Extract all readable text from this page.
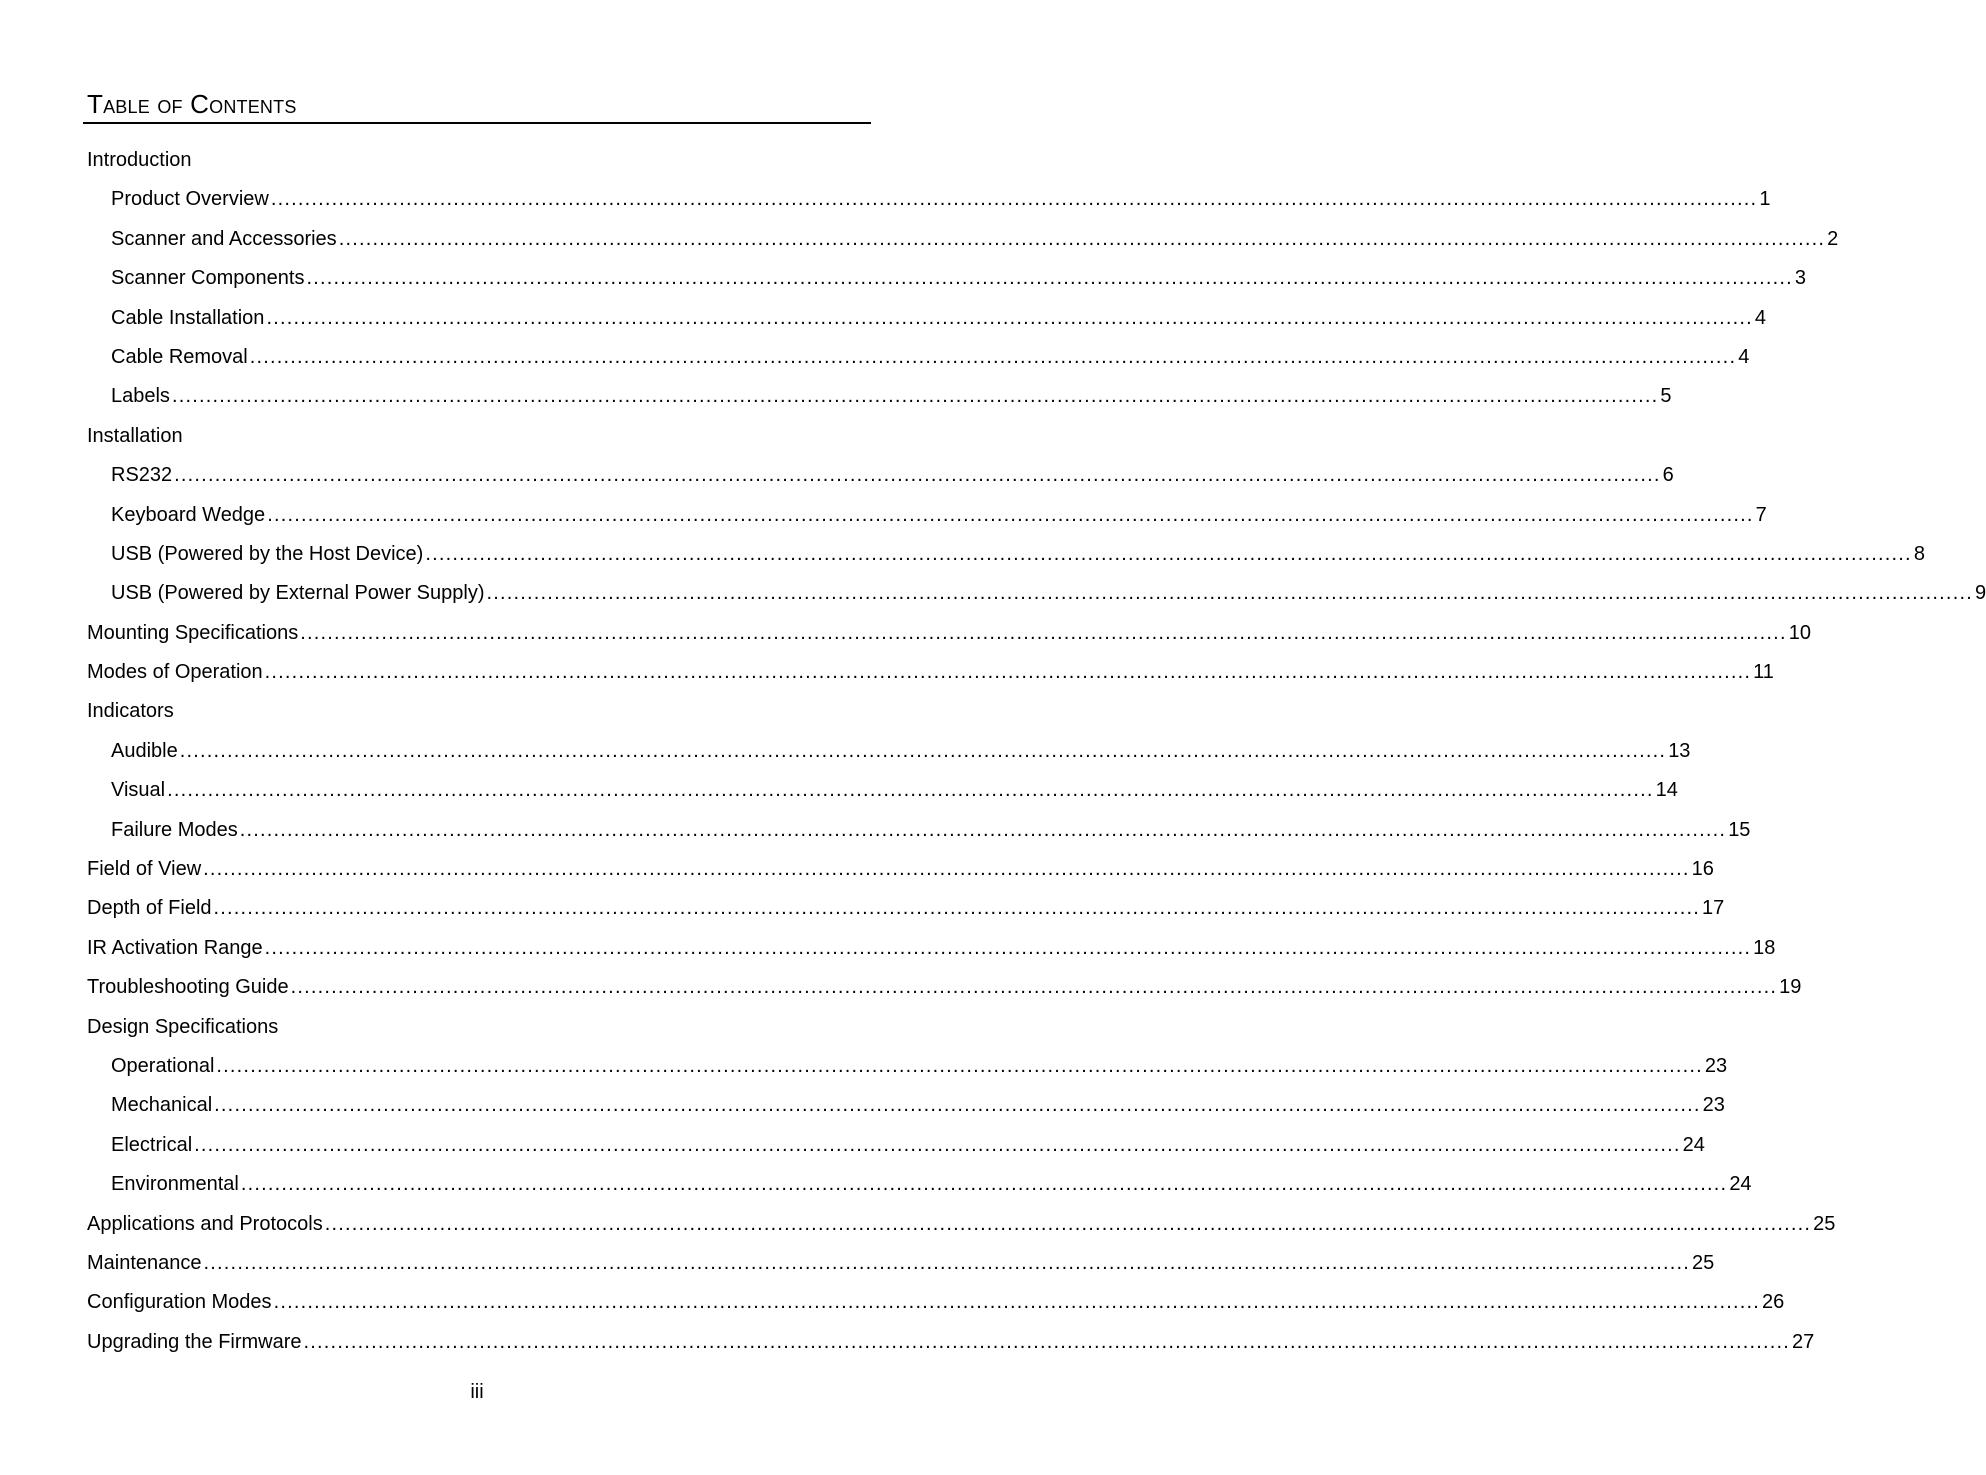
Table of Contents
Introduction
Product Overview ............................................................................................................................................................................................................................ 1
Scanner and Accessories ............................................................................................................................................................................................................................ 2
Scanner Components ............................................................................................................................................................................................................................ 3
Cable Installation ............................................................................................................................................................................................................................ 4
Cable Removal ............................................................................................................................................................................................................................ 4
Labels ............................................................................................................................................................................................................................ 5
Installation
RS232 ............................................................................................................................................................................................................................ 6
Keyboard Wedge ............................................................................................................................................................................................................................ 7
USB (Powered by the Host Device) ............................................................................................................................................................................................................................ 8
USB (Powered by External Power Supply) ............................................................................................................................................................................................................................ 9
Mounting Specifications ............................................................................................................................................................................................................................ 10
Modes of Operation ............................................................................................................................................................................................................................ 11
Indicators
Audible ............................................................................................................................................................................................................................ 13
Visual ............................................................................................................................................................................................................................ 14
Failure Modes ............................................................................................................................................................................................................................ 15
Field of View ............................................................................................................................................................................................................................ 16
Depth of Field ............................................................................................................................................................................................................................ 17
IR Activation Range ............................................................................................................................................................................................................................ 18
Troubleshooting Guide ............................................................................................................................................................................................................................ 19
Design Specifications
Operational ............................................................................................................................................................................................................................ 23
Mechanical ............................................................................................................................................................................................................................ 23
Electrical ............................................................................................................................................................................................................................ 24
Environmental ............................................................................................................................................................................................................................ 24
Applications and Protocols ............................................................................................................................................................................................................................ 25
Maintenance ............................................................................................................................................................................................................................ 25
Configuration Modes ............................................................................................................................................................................................................................ 26
Upgrading the Firmware ............................................................................................................................................................................................................................ 27
iii
